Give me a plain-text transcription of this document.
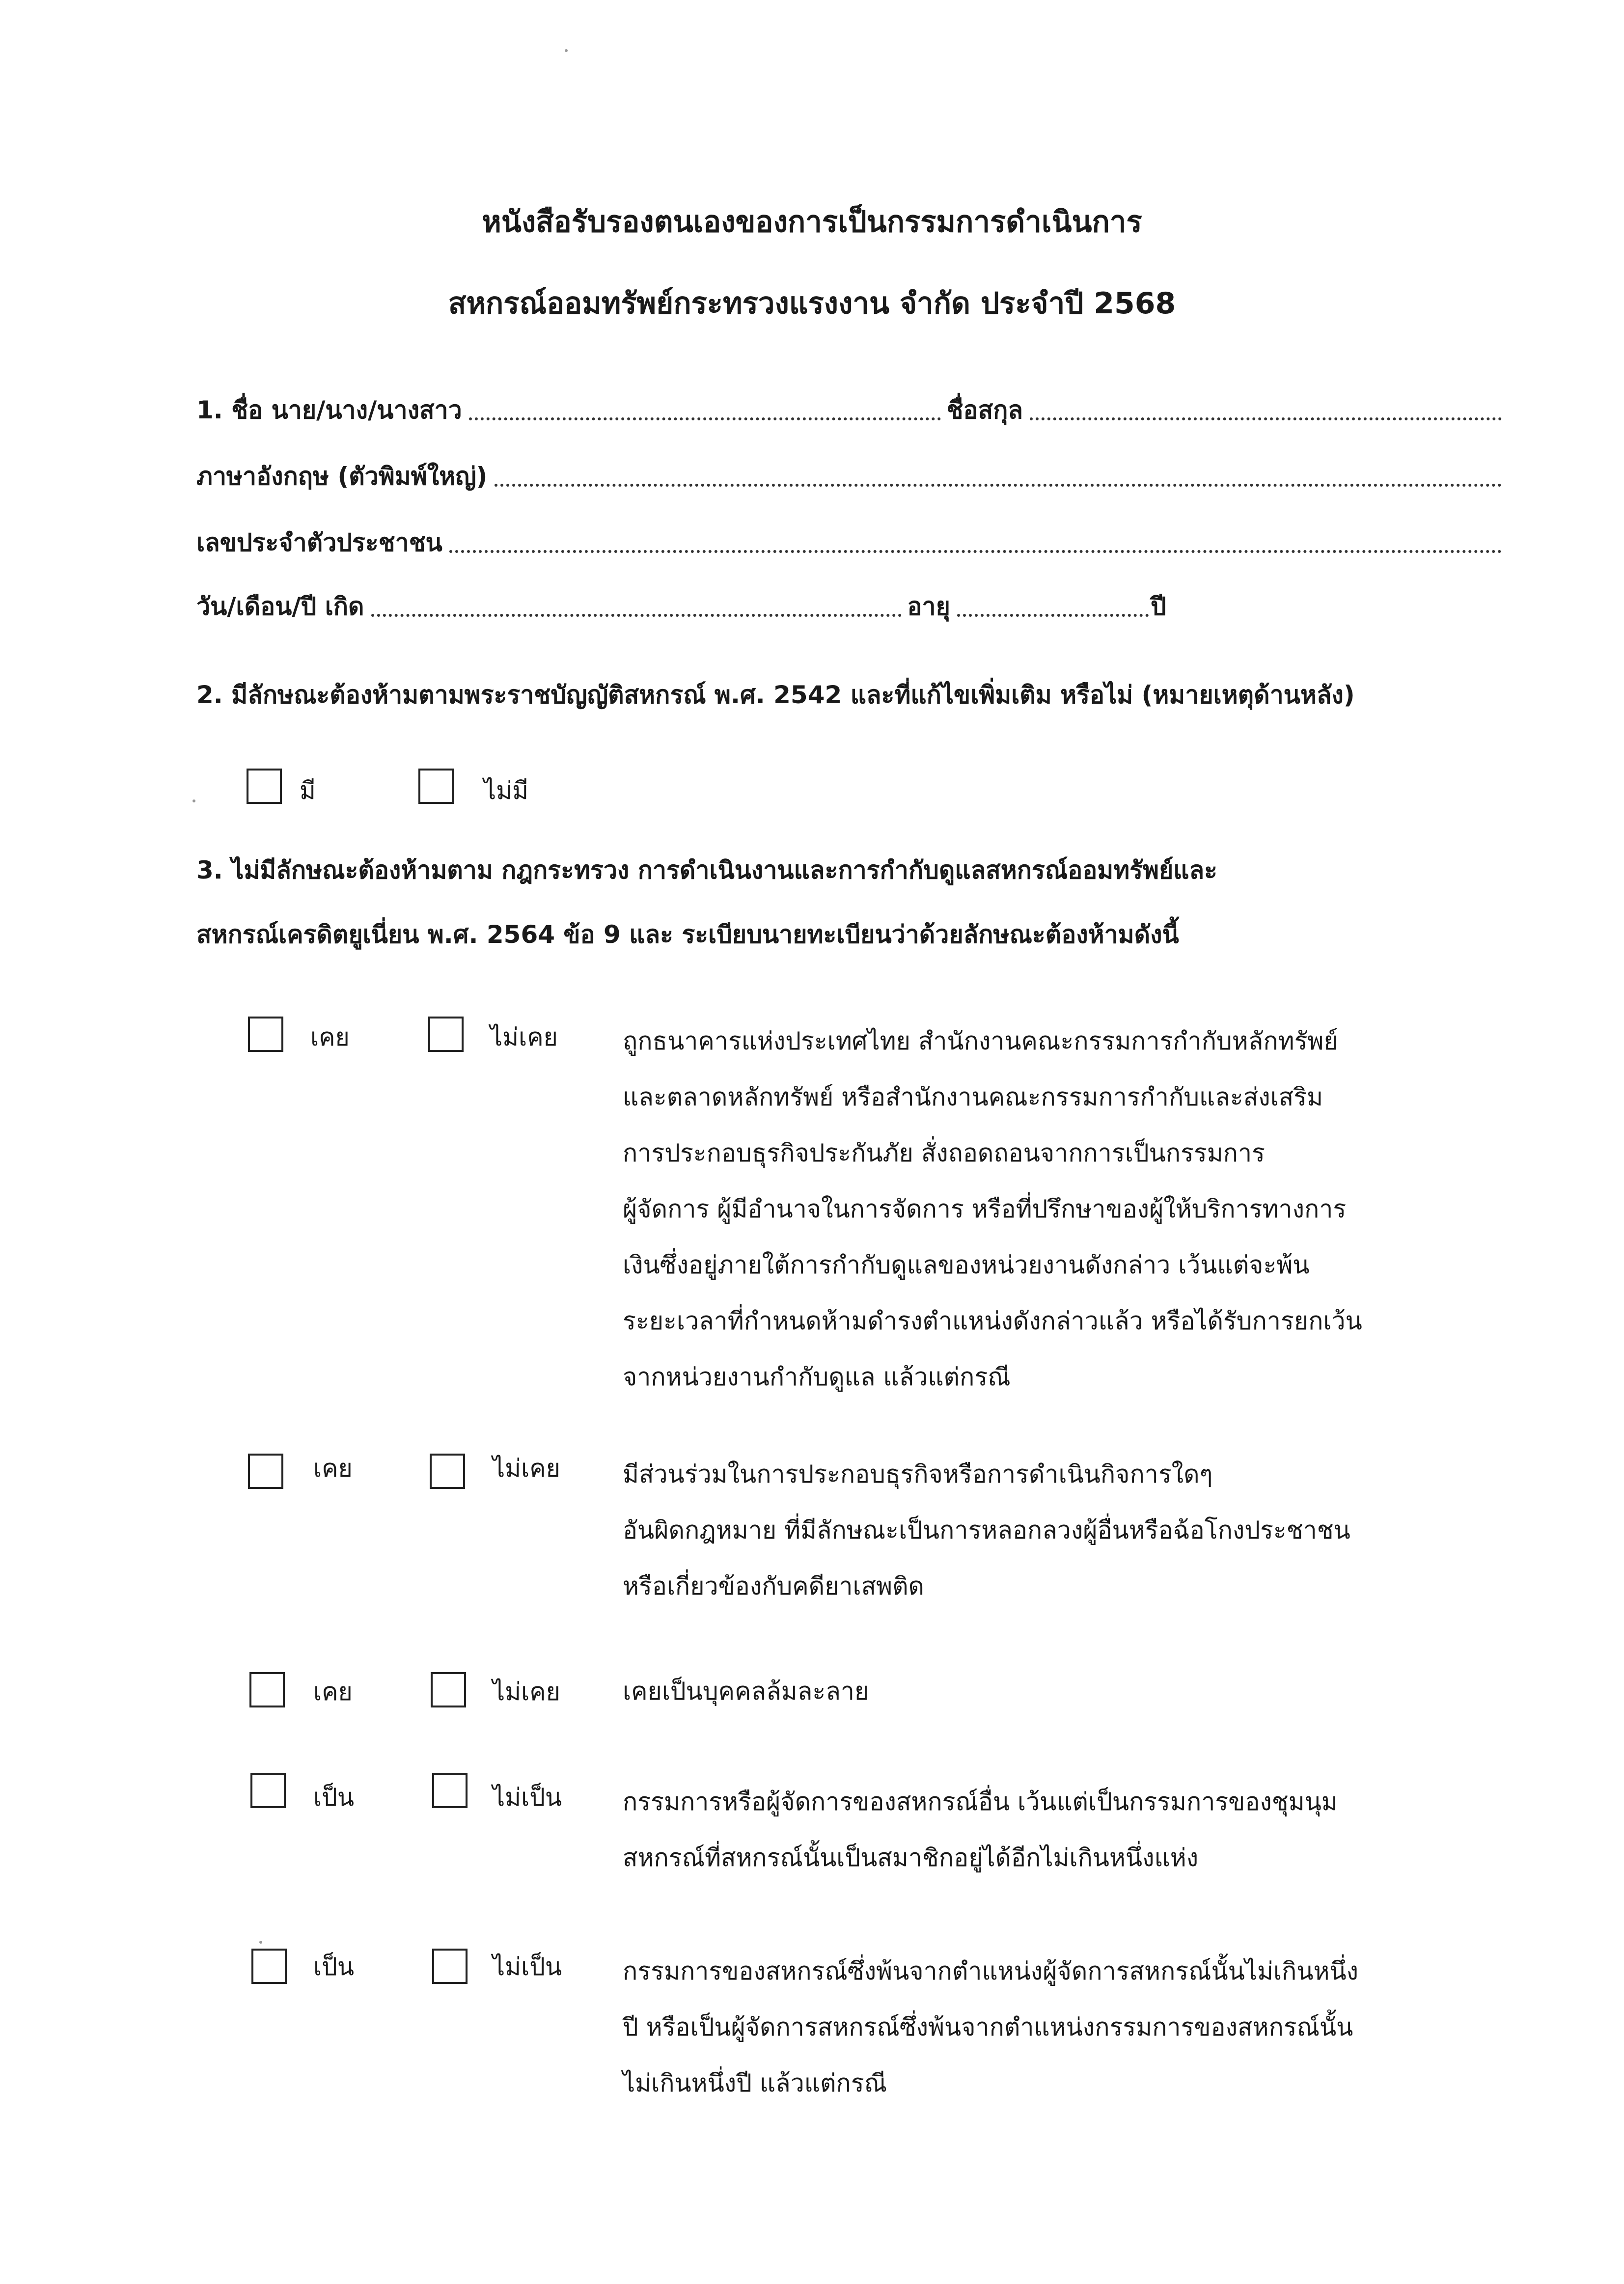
หนังสือรับรองตนเองของการเป็นกรรมการดำเนินการ
สหกรณ์ออมทรัพย์กระทรวงแรงงาน จำกัด ประจำปี 2568
1. ชื่อ นาย/นาง/นางสาว	ชื่อสกุล
ภาษาอังกฤษ (ตัวพิมพ์ใหญ่)
เลขประจำตัวประชาชน
วัน/เดือน/ปี เกิด	อายุ	ปี
2. มีลักษณะต้องห้ามตามพระราชบัญญัติสหกรณ์ พ.ศ. 2542 และที่แก้ไขเพิ่มเติม หรือไม่ (หมายเหตุด้านหลัง)
มี	ไม่มี
3. ไม่มีลักษณะต้องห้ามตาม กฎกระทรวง การดำเนินงานและการกำกับดูแลสหกรณ์ออมทรัพย์และ
สหกรณ์เครดิตยูเนี่ยน พ.ศ. 2564 ข้อ 9 และ ระเบียบนายทะเบียนว่าด้วยลักษณะต้องห้ามดังนี้
เคย	ไม่เคย	ถูกธนาคารแห่งประเทศไทย สำนักงานคณะกรรมการกำกับหลักทรัพย์
และตลาดหลักทรัพย์ หรือสำนักงานคณะกรรมการกำกับและส่งเสริม
การประกอบธุรกิจประกันภัย สั่งถอดถอนจากการเป็นกรรมการ
ผู้จัดการ ผู้มีอำนาจในการจัดการ หรือที่ปรึกษาของผู้ให้บริการทางการ
เงินซึ่งอยู่ภายใต้การกำกับดูแลของหน่วยงานดังกล่าว เว้นแต่จะพ้น
ระยะเวลาที่กำหนดห้ามดำรงตำแหน่งดังกล่าวแล้ว หรือได้รับการยกเว้น
จากหน่วยงานกำกับดูแล แล้วแต่กรณี
เคย	ไม่เคย	มีส่วนร่วมในการประกอบธุรกิจหรือการดำเนินกิจการใดๆ
อันผิดกฎหมาย ที่มีลักษณะเป็นการหลอกลวงผู้อื่นหรือฉ้อโกงประชาชน
หรือเกี่ยวข้องกับคดียาเสพติด
เคย	ไม่เคย	เคยเป็นบุคคลล้มละลาย
เป็น	ไม่เป็น กรรมการหรือผู้จัดการของสหกรณ์อื่น เว้นแต่เป็นกรรมการของชุมนุม
สหกรณ์ที่สหกรณ์นั้นเป็นสมาชิกอยู่ได้อีกไม่เกินหนึ่งแห่ง
เป็น	ไม่เป็น กรรมการของสหกรณ์ซึ่งพ้นจากตำแหน่งผู้จัดการสหกรณ์นั้นไม่เกินหนึ่ง
ปี หรือเป็นผู้จัดการสหกรณ์ซึ่งพ้นจากตำแหน่งกรรมการของสหกรณ์นั้น
ไม่เกินหนึ่งปี แล้วแต่กรณี
